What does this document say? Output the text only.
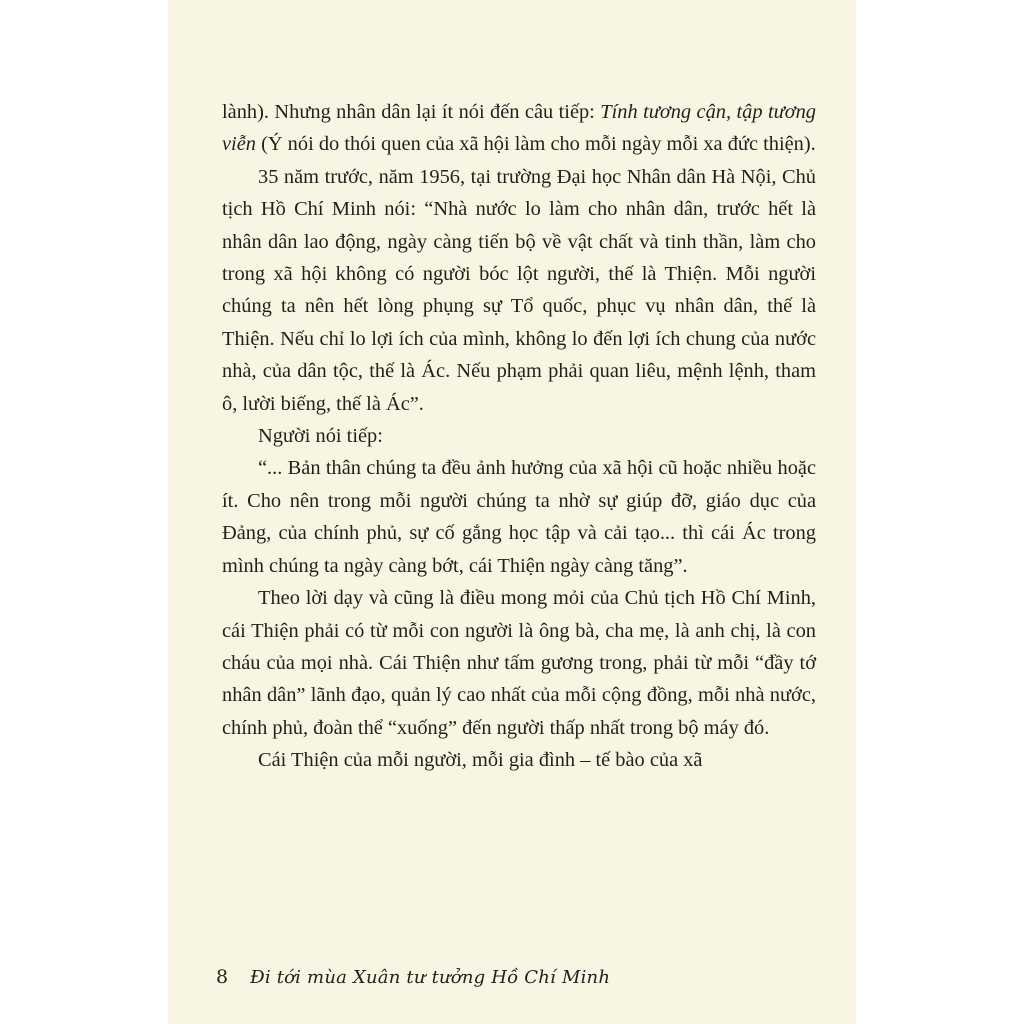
lành). Nhưng nhân dân lại ít nói đến câu tiếp: Tính tương cận, tập tương viễn (Ý nói do thói quen của xã hội làm cho mỗi ngày mỗi xa đức thiện).

35 năm trước, năm 1956, tại trường Đại học Nhân dân Hà Nội, Chủ tịch Hồ Chí Minh nói: “Nhà nước lo làm cho nhân dân, trước hết là nhân dân lao động, ngày càng tiến bộ về vật chất và tinh thần, làm cho trong xã hội không có người bóc lột người, thế là Thiện. Mỗi người chúng ta nên hết lòng phụng sự Tổ quốc, phục vụ nhân dân, thế là Thiện. Nếu chỉ lo lợi ích của mình, không lo đến lợi ích chung của nước nhà, của dân tộc, thế là Ác. Nếu phạm phải quan liêu, mệnh lệnh, tham ô, lười biếng, thế là Ác”.

Người nói tiếp:

“... Bản thân chúng ta đều ảnh hưởng của xã hội cũ hoặc nhiều hoặc ít. Cho nên trong mỗi người chúng ta nhờ sự giúp đỡ, giáo dục của Đảng, của chính phủ, sự cố gắng học tập và cải tạo... thì cái Ác trong mình chúng ta ngày càng bớt, cái Thiện ngày càng tăng”.

Theo lời dạy và cũng là điều mong mỏi của Chủ tịch Hồ Chí Minh, cái Thiện phải có từ mỗi con người là ông bà, cha mẹ, là anh chị, là con cháu của mọi nhà. Cái Thiện như tấm gương trong, phải từ mỗi “đầy tớ nhân dân” lãnh đạo, quản lý cao nhất của mỗi cộng đồng, mỗi nhà nước, chính phủ, đoàn thể “xuống” đến người thấp nhất trong bộ máy đó.

Cái Thiện của mỗi người, mỗi gia đình – tế bào của xã

8 Đi tới mùa Xuân tư tưởng Hồ Chí Minh
